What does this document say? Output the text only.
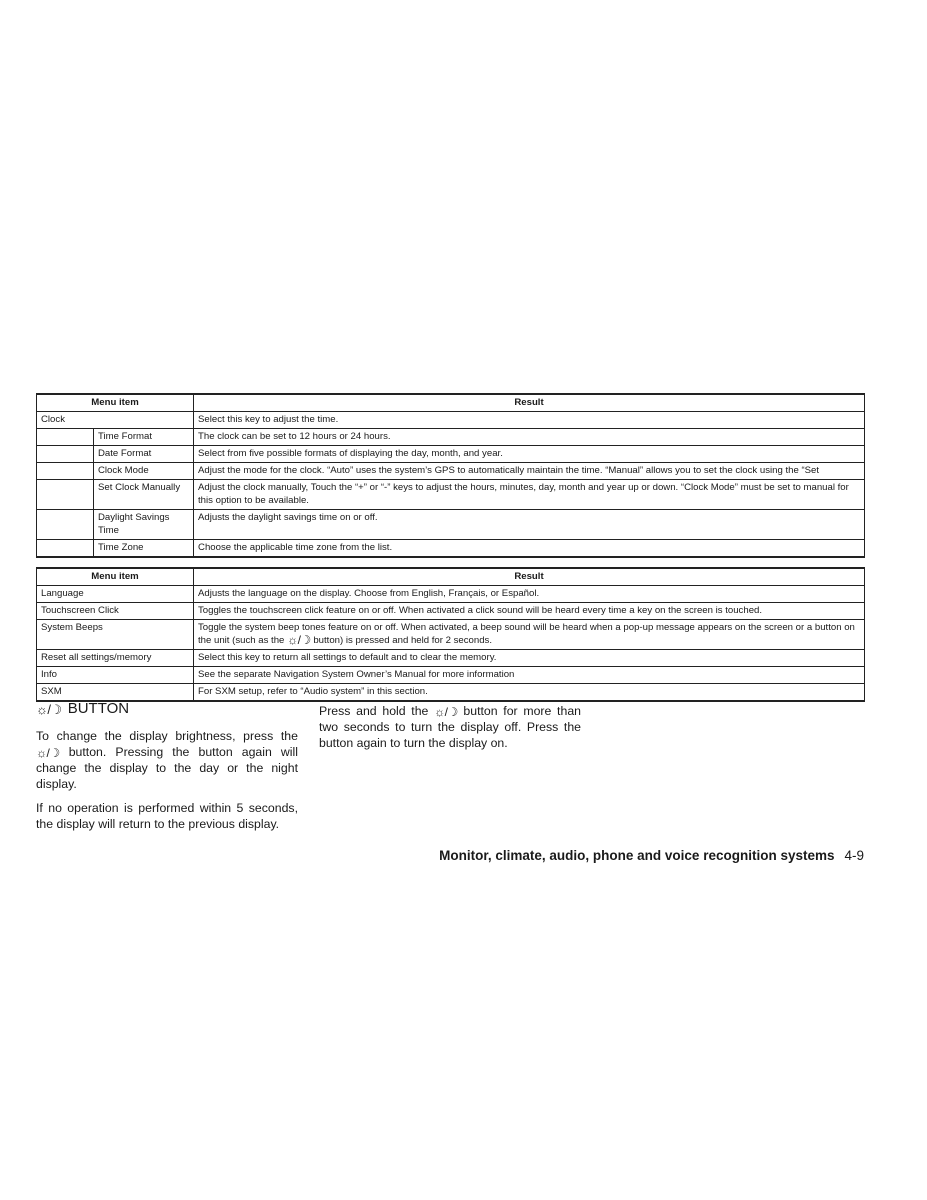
Menu item		Result
Clock		Select this key to adjust the time.
	Time Format	The clock can be set to 12 hours or 24 hours.
	Date Format	Select from five possible formats of displaying the day, month, and year.
	Clock Mode	Adjust the mode for the clock. “Auto” uses the system’s GPS to automatically maintain the time. “Manual” allows you to set the clock using the “Set
	Set Clock Manually	Adjust the clock manually, Touch the “+” or “-” keys to adjust the hours, minutes, day, month and year up or down. “Clock Mode” must be set to manual for this option to be available.
	Daylight Savings Time	Adjusts the daylight savings time on or off.
	Time Zone	Choose the applicable time zone from the list.
Menu item	Result
Language	Adjusts the language on the display. Choose from English, Français, or Español.
Touchscreen Click	Toggles the touchscreen click feature on or off. When activated a click sound will be heard every time a key on the screen is touched.
System Beeps	Toggle the system beep tones feature on or off. When activated, a beep sound will be heard when a pop-up message appears on the screen or a button on the unit (such as the ☼/☽ button) is pressed and held for 2 seconds.
Reset all settings/memory	Select this key to return all settings to default and to clear the memory.
Info	See the separate Navigation System Owner’s Manual for more information
SXM	For SXM setup, refer to “Audio system” in this section.
☼/☽ BUTTON

To change the display brightness, press the ☼/☽ button. Pressing the button again will change the display to the day or the night display.

If no operation is performed within 5 seconds, the display will return to the previous display.

Press and hold the ☼/☽ button for more than two seconds to turn the display off. Press the button again to turn the display on.

Monitor, climate, audio, phone and voice recognition systems 4-9
